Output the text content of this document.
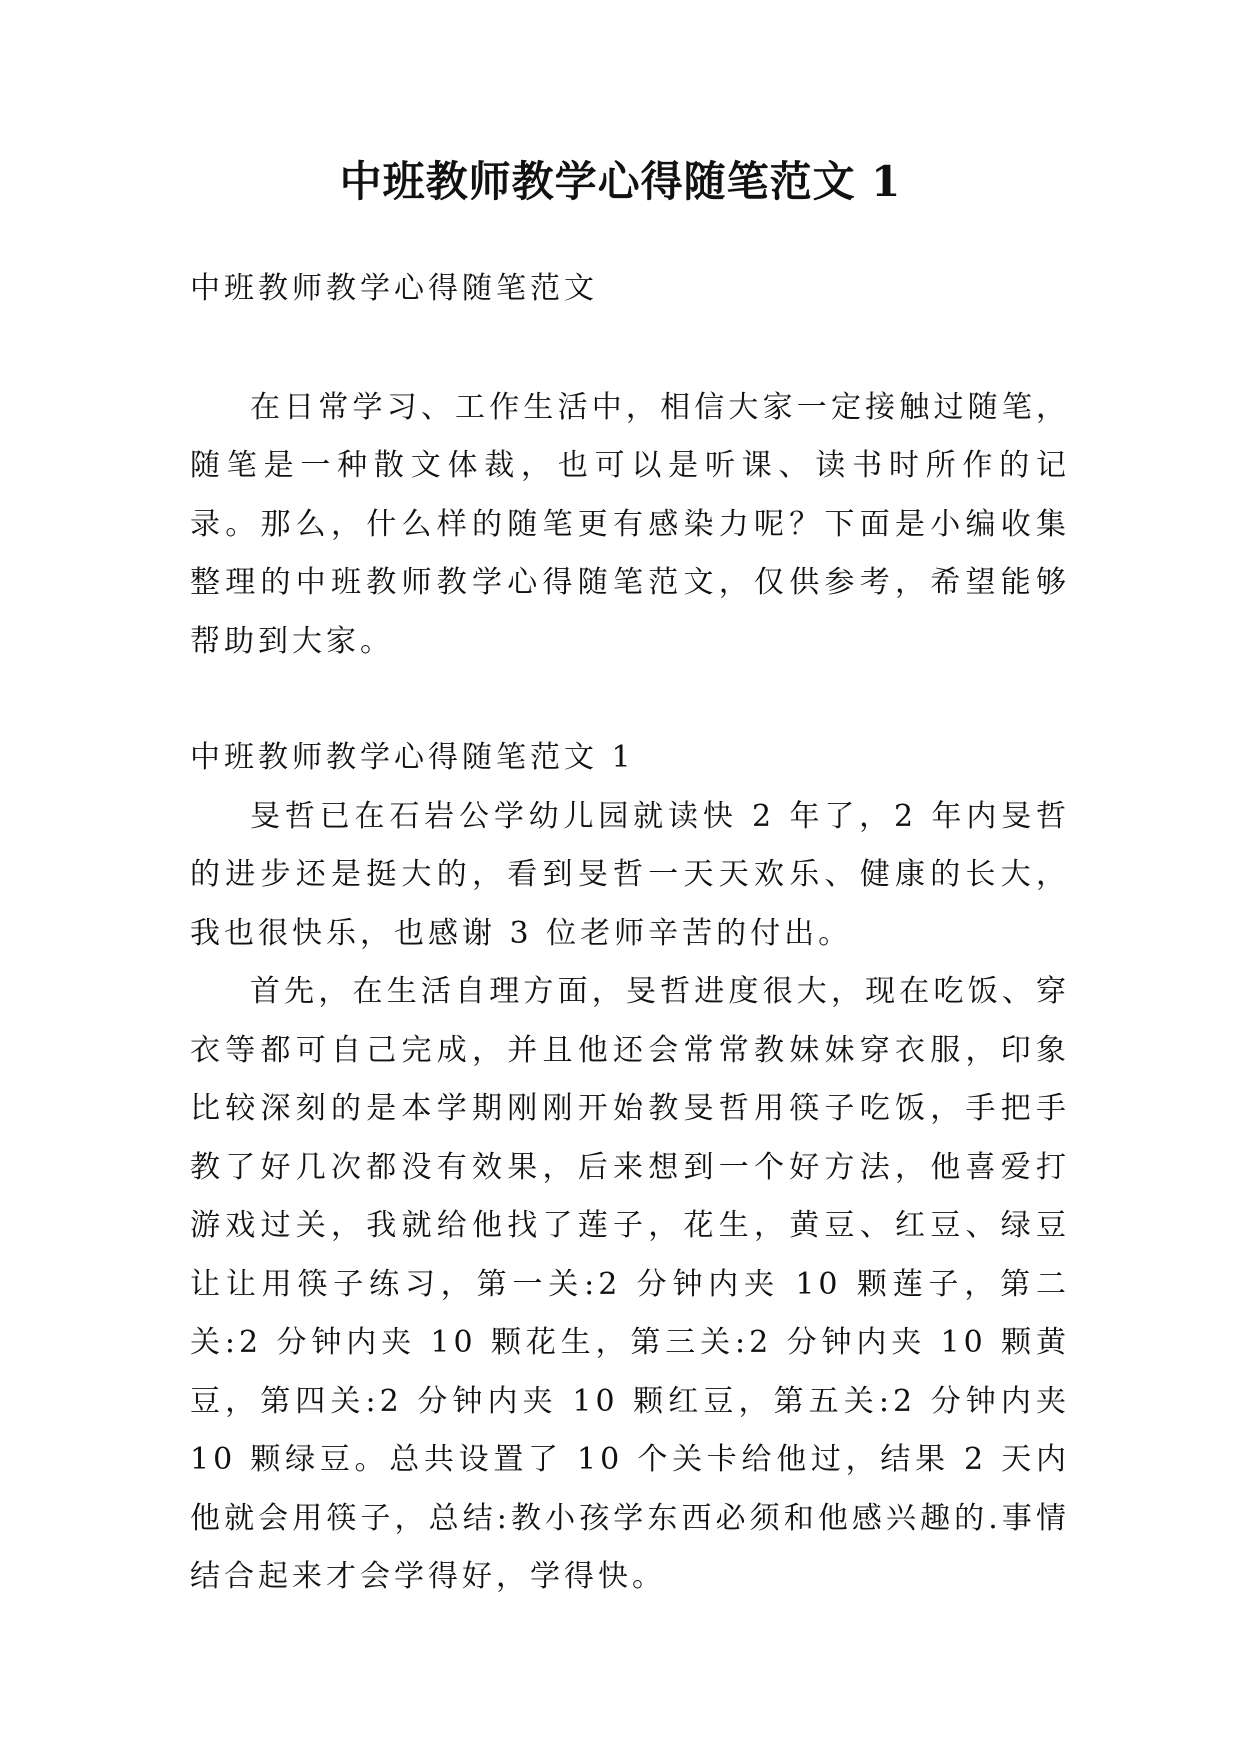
中班教师教学心得随笔范文 1

中班教师教学心得随笔范文

在日常学习、工作生活中，相信大家一定接触过随笔，随笔是一种散文体裁，也可以是听课、读书时所作的记录。那么，什么样的随笔更有感染力呢？下面是小编收集整理的中班教师教学心得随笔范文，仅供参考，希望能够帮助到大家。

中班教师教学心得随笔范文 1

旻哲已在石岩公学幼儿园就读快 2 年了，2 年内旻哲的进步还是挺大的，看到旻哲一天天欢乐、健康的长大，我也很快乐，也感谢 3 位老师辛苦的付出。

首先，在生活自理方面，旻哲进度很大，现在吃饭、穿衣等都可自己完成，并且他还会常常教妹妹穿衣服，印象比较深刻的是本学期刚刚开始教旻哲用筷子吃饭，手把手教了好几次都没有效果，后来想到一个好方法，他喜爱打游戏过关，我就给他找了莲子，花生，黄豆、红豆、绿豆让让用筷子练习，第一关:2 分钟内夹 10 颗莲子，第二关:2 分钟内夹 10 颗花生，第三关:2 分钟内夹 10 颗黄豆，第四关:2 分钟内夹 10 颗红豆，第五关:2 分钟内夹 10 颗绿豆。总共设置了 10 个关卡给他过，结果 2 天内他就会用筷子，总结:教小孩学东西必须和他感兴趣的.事情结合起来才会学得好，学得快。
